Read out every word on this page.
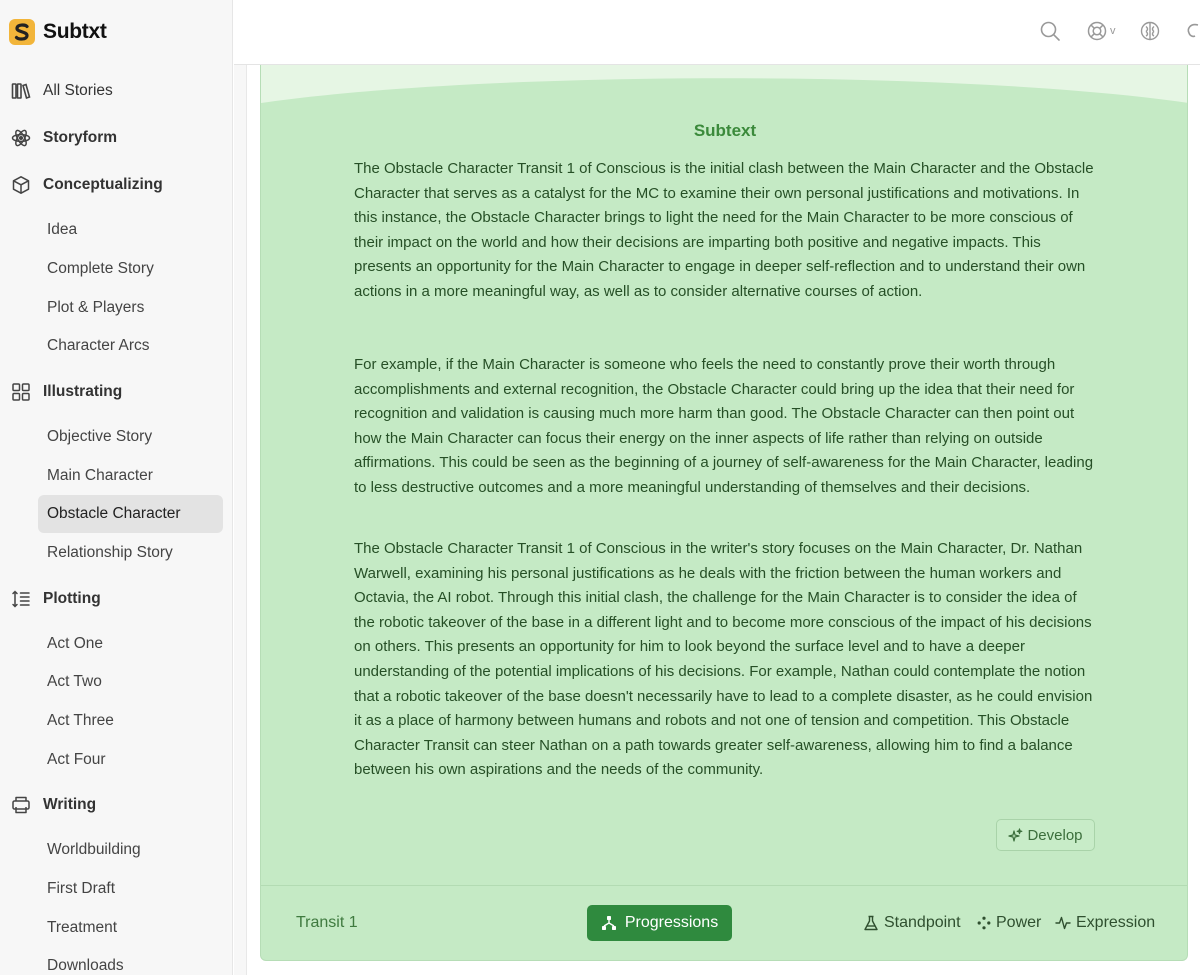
Subtxt
All Stories
Storyform
Conceptualizing
Idea
Complete Story
Plot & Players
Character Arcs
Illustrating
Objective Story
Main Character
Obstacle Character
Relationship Story
Plotting
Act One
Act Two
Act Three
Act Four
Writing
Worldbuilding
First Draft
Treatment
Downloads
v
Subtext

The Obstacle Character Transit 1 of Conscious is the initial clash between the Main Character and the Obstacle Character that serves as a catalyst for the MC to examine their own personal justifications and motivations. In this instance, the Obstacle Character brings to light the need for the Main Character to be more conscious of their impact on the world and how their decisions are imparting both positive and negative impacts. This presents an opportunity for the Main Character to engage in deeper self-reflection and to understand their own actions in a more meaningful way, as well as to consider alternative courses of action.

For example, if the Main Character is someone who feels the need to constantly prove their worth through accomplishments and external recognition, the Obstacle Character could bring up the idea that their need for recognition and validation is causing much more harm than good. The Obstacle Character can then point out how the Main Character can focus their energy on the inner aspects of life rather than relying on outside affirmations. This could be seen as the beginning of a journey of self-awareness for the Main Character, leading to less destructive outcomes and a more meaningful understanding of themselves and their decisions.

The Obstacle Character Transit 1 of Conscious in the writer's story focuses on the Main Character, Dr. Nathan Warwell, examining his personal justifications as he deals with the friction between the human workers and Octavia, the AI robot. Through this initial clash, the challenge for the Main Character is to consider the idea of the robotic takeover of the base in a different light and to become more conscious of the impact of his decisions on others. This presents an opportunity for him to look beyond the surface level and to have a deeper understanding of the potential implications of his decisions. For example, Nathan could contemplate the notion that a robotic takeover of the base doesn't necessarily have to lead to a complete disaster, as he could envision it as a place of harmony between humans and robots and not one of tension and competition. This Obstacle Character Transit can steer Nathan on a path towards greater self-awareness, allowing him to find a balance between his own aspirations and the needs of the community.

Develop
Transit 1	Progressions	Standpoint Power Expression
